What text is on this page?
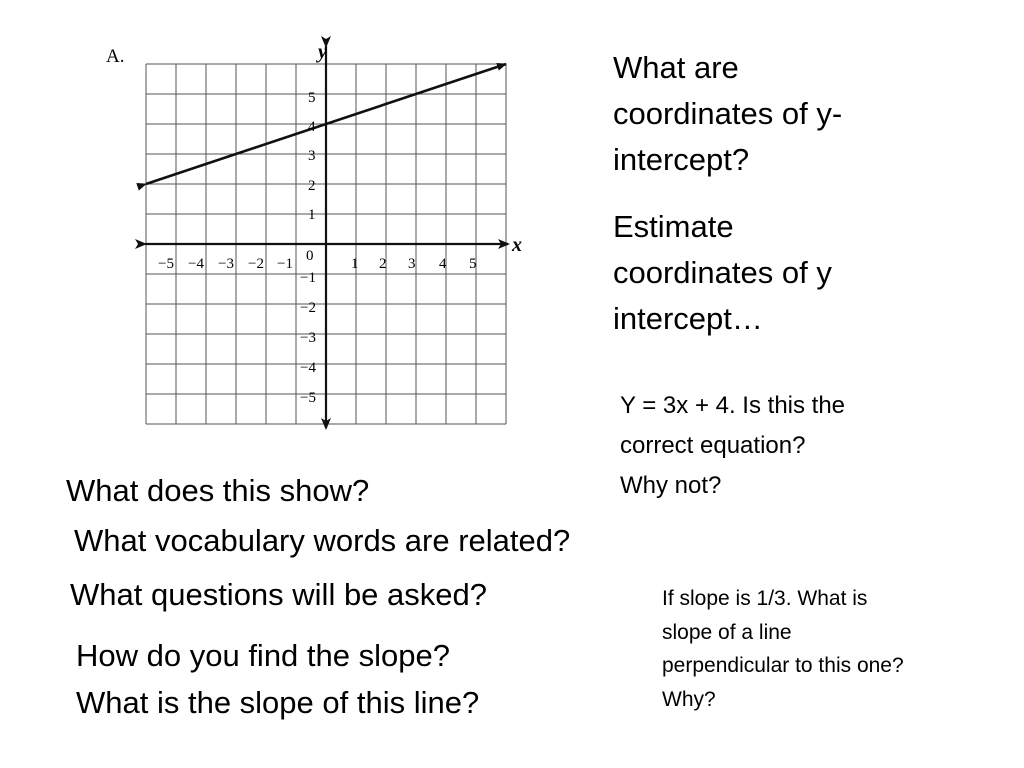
A.	y
x
0
−5 −4 −3 −2 −1	1 2 3 4 5
5
4
3
2
1
−1
−2
−3
−4
−5
What are
coordinates of y-
intercept?
Estimate
coordinates of y
intercept…
Y = 3x + 4. Is this the
correct equation?
Why not?
If slope is 1/3. What is
slope of a line
perpendicular to this one?
Why?
What does this show?
What vocabulary words are related?
What questions will be asked?
How do you find the slope?
What is the slope of this line?
